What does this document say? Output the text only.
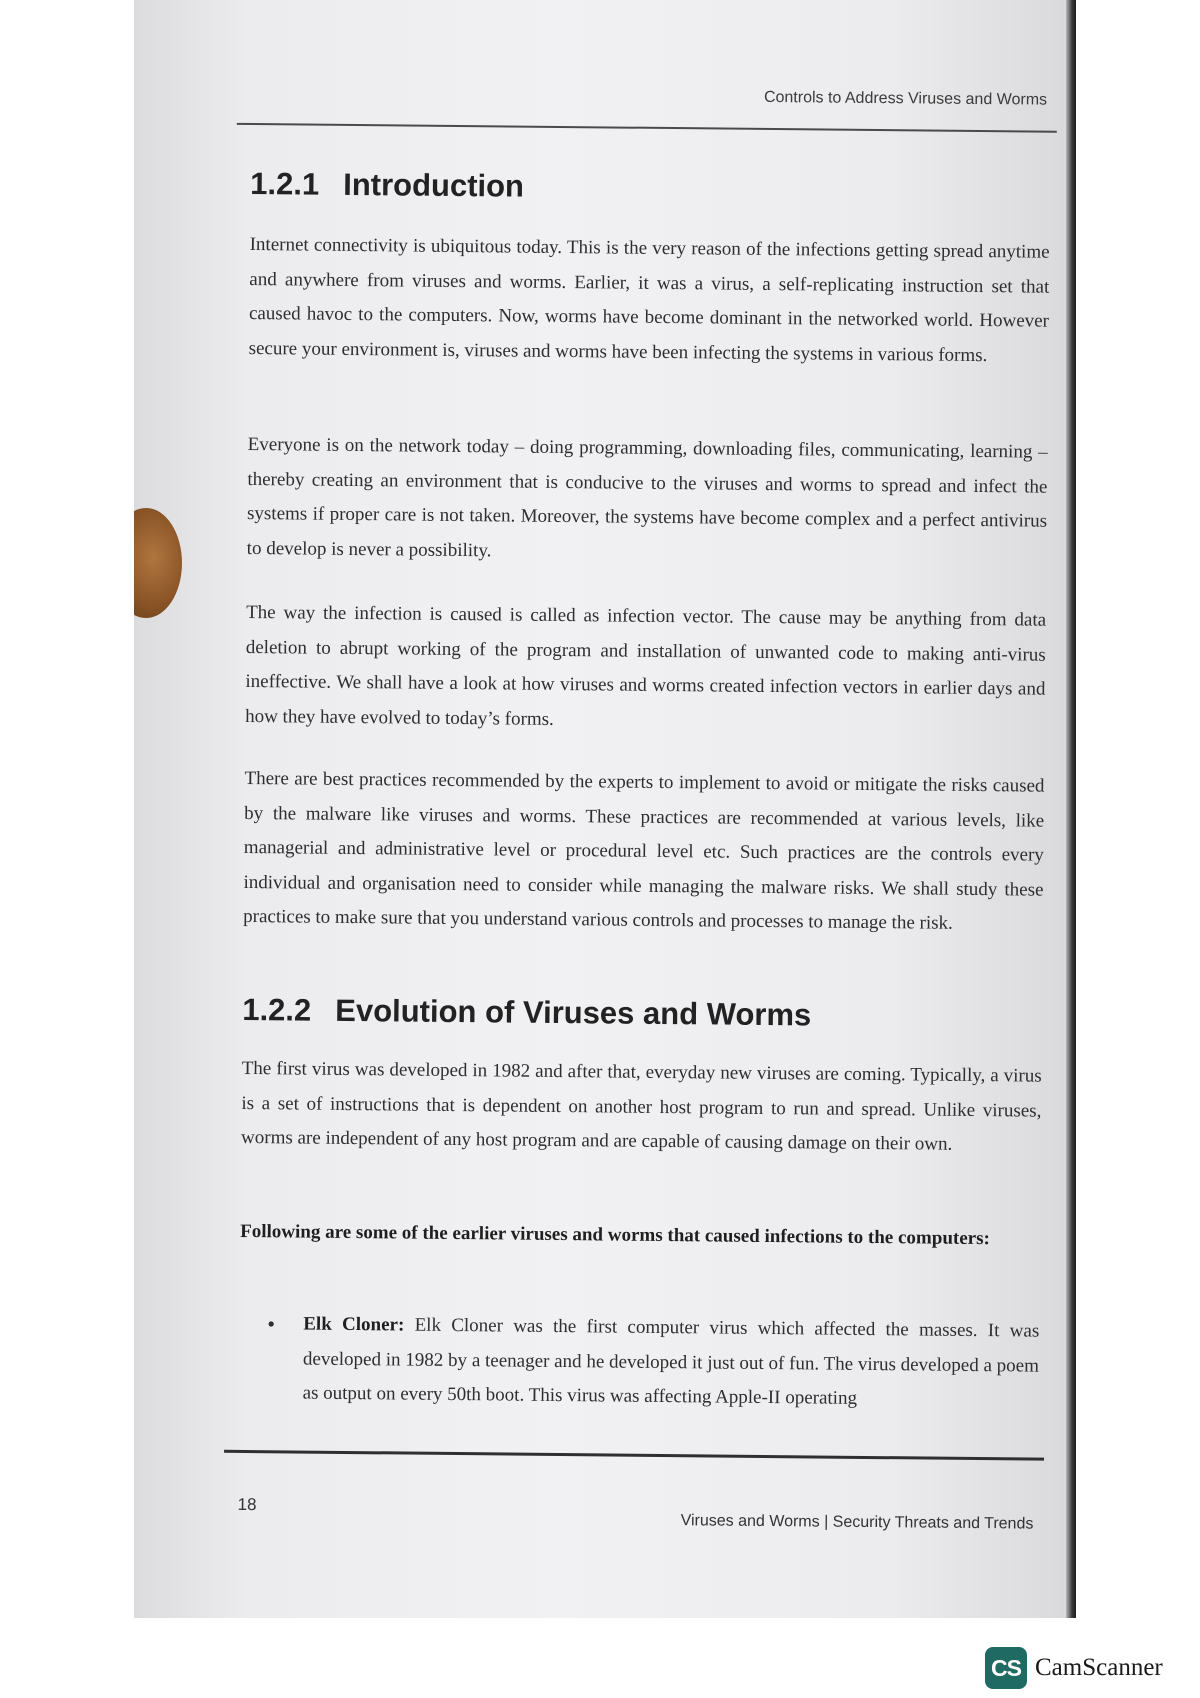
Controls to Address Viruses and Worms
1.2.1 Introduction

Internet connectivity is ubiquitous today. This is the very reason of the infections getting spread anytime and anywhere from viruses and worms. Earlier, it was a virus, a self-replicating instruction set that caused havoc to the computers. Now, worms have become dominant in the networked world. However secure your environment is, viruses and worms have been infecting the systems in various forms.

Everyone is on the network today – doing programming, downloading files, communicating, learning – thereby creating an environment that is conducive to the viruses and worms to spread and infect the systems if proper care is not taken. Moreover, the systems have become complex and a perfect antivirus to develop is never a possibility.

The way the infection is caused is called as infection vector. The cause may be anything from data deletion to abrupt working of the program and installation of unwanted code to making anti-virus ineffective. We shall have a look at how viruses and worms created infection vectors in earlier days and how they have evolved to today’s forms.

There are best practices recommended by the experts to implement to avoid or mitigate the risks caused by the malware like viruses and worms. These practices are recommended at various levels, like managerial and administrative level or procedural level etc. Such practices are the controls every individual and organisation need to consider while managing the malware risks. We shall study these practices to make sure that you understand various controls and processes to manage the risk.

1.2.2 Evolution of Viruses and Worms

The first virus was developed in 1982 and after that, everyday new viruses are coming. Typically, a virus is a set of instructions that is dependent on another host program to run and spread. Unlike viruses, worms are independent of any host program and are capable of causing damage on their own.

Following are some of the earlier viruses and worms that caused infections to the computers:

• Elk Cloner: Elk Cloner was the first computer virus which affected the masses. It was developed in 1982 by a teenager and he developed it just out of fun. The virus developed a poem as output on every 50th boot. This virus was affecting Apple-II operating
18
Viruses and Worms | Security Threats and Trends
CS CamScanner
